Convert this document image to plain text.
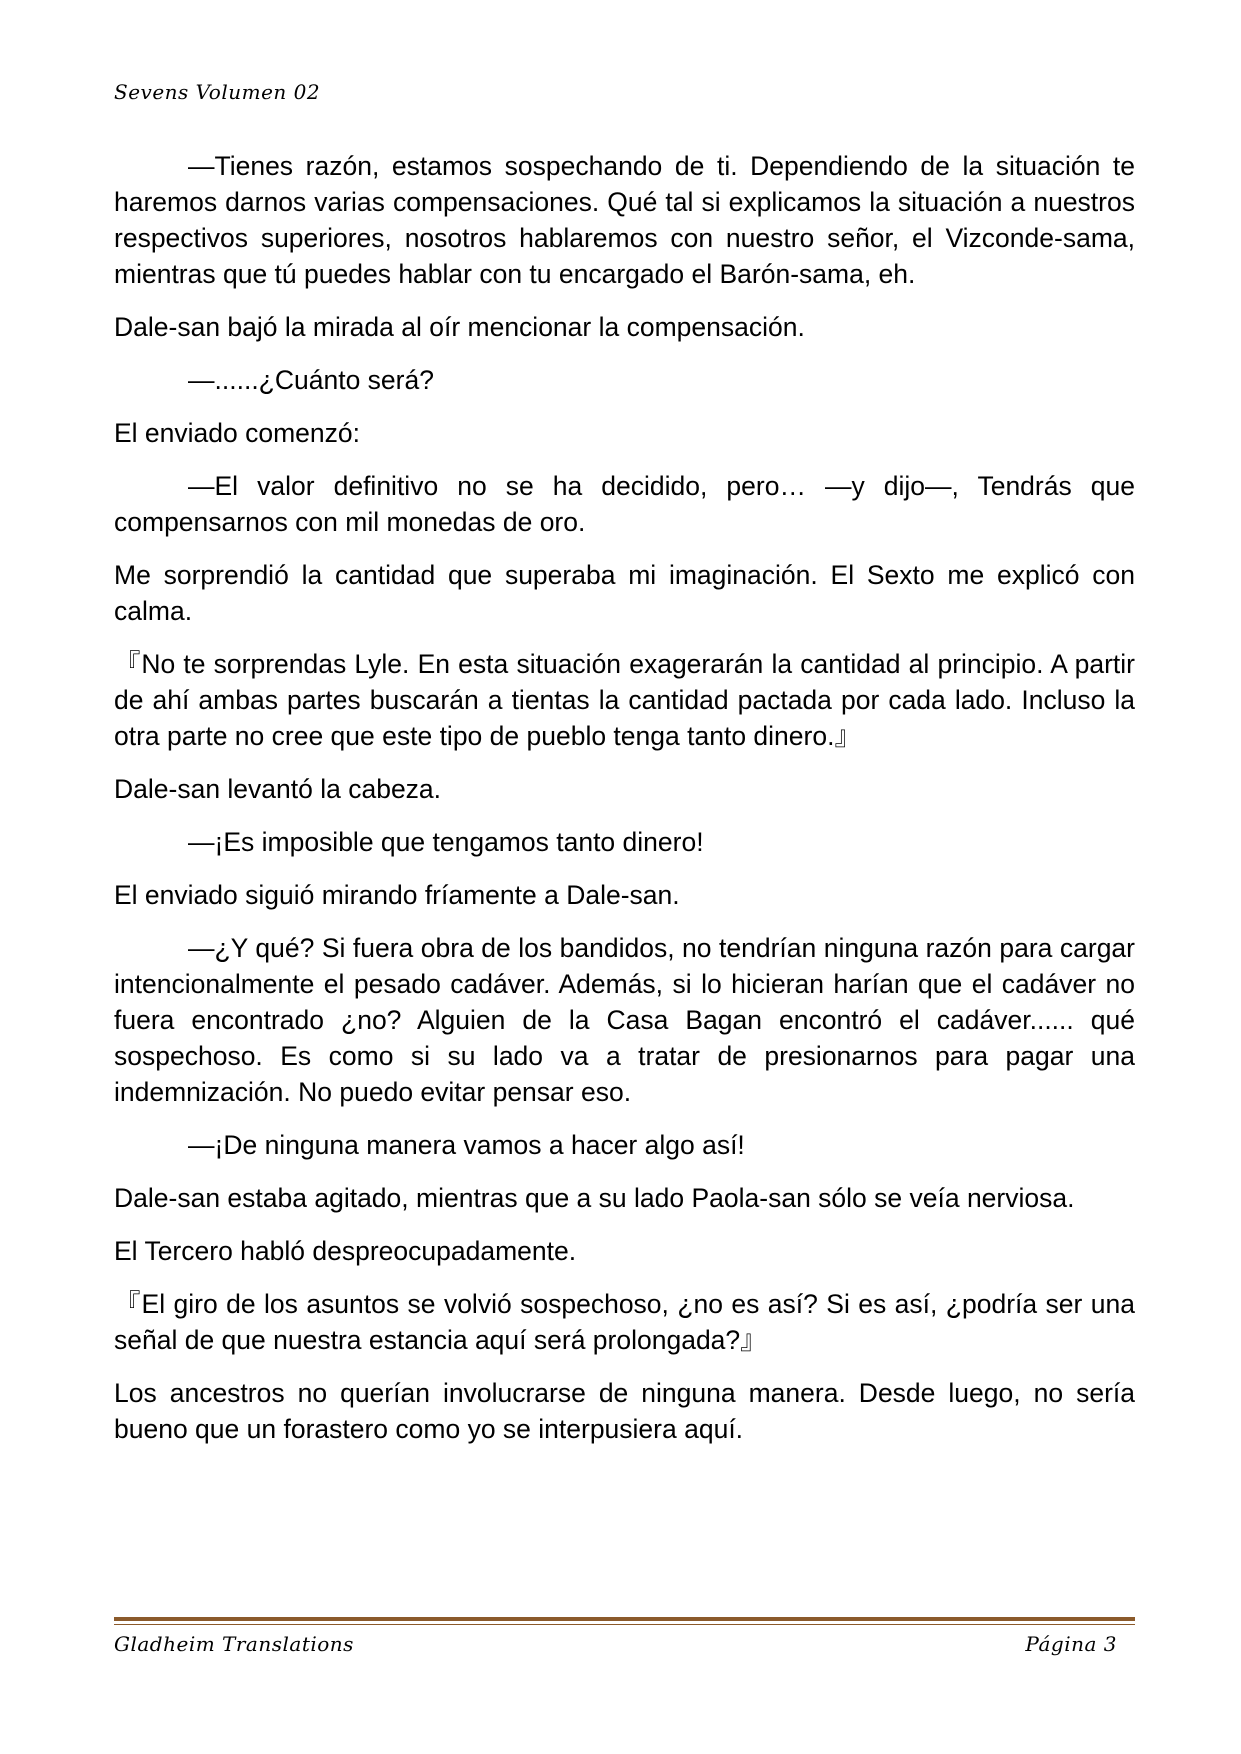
Sevens Volumen 02

—Tienes razón, estamos sospechando de ti. Dependiendo de la situación te haremos darnos varias compensaciones. Qué tal si explicamos la situación a nuestros respectivos superiores, nosotros hablaremos con nuestro señor, el Vizconde-sama, mientras que tú puedes hablar con tu encargado el Barón-sama, eh.

Dale-san bajó la mirada al oír mencionar la compensación.

—......¿Cuánto será?

El enviado comenzó:

—El valor definitivo no se ha decidido, pero… —y dijo—, Tendrás que compensarnos con mil monedas de oro.

Me sorprendió la cantidad que superaba mi imaginación. El Sexto me explicó con calma.

『No te sorprendas Lyle. En esta situación exagerarán la cantidad al principio. A partir de ahí ambas partes buscarán a tientas la cantidad pactada por cada lado. Incluso la otra parte no cree que este tipo de pueblo tenga tanto dinero.』

Dale-san levantó la cabeza.

—¡Es imposible que tengamos tanto dinero!

El enviado siguió mirando fríamente a Dale-san.

—¿Y qué? Si fuera obra de los bandidos, no tendrían ninguna razón para cargar intencionalmente el pesado cadáver. Además, si lo hicieran harían que el cadáver no fuera encontrado ¿no? Alguien de la Casa Bagan encontró el cadáver...... qué sospechoso. Es como si su lado va a tratar de presionarnos para pagar una indemnización. No puedo evitar pensar eso.

—¡De ninguna manera vamos a hacer algo así!

Dale-san estaba agitado, mientras que a su lado Paola-san sólo se veía nerviosa.

El Tercero habló despreocupadamente.

『El giro de los asuntos se volvió sospechoso, ¿no es así? Si es así, ¿podría ser una señal de que nuestra estancia aquí será prolongada?』

Los ancestros no querían involucrarse de ninguna manera. Desde luego, no sería bueno que un forastero como yo se interpusiera aquí.

Gladheim Translations	Página 3
